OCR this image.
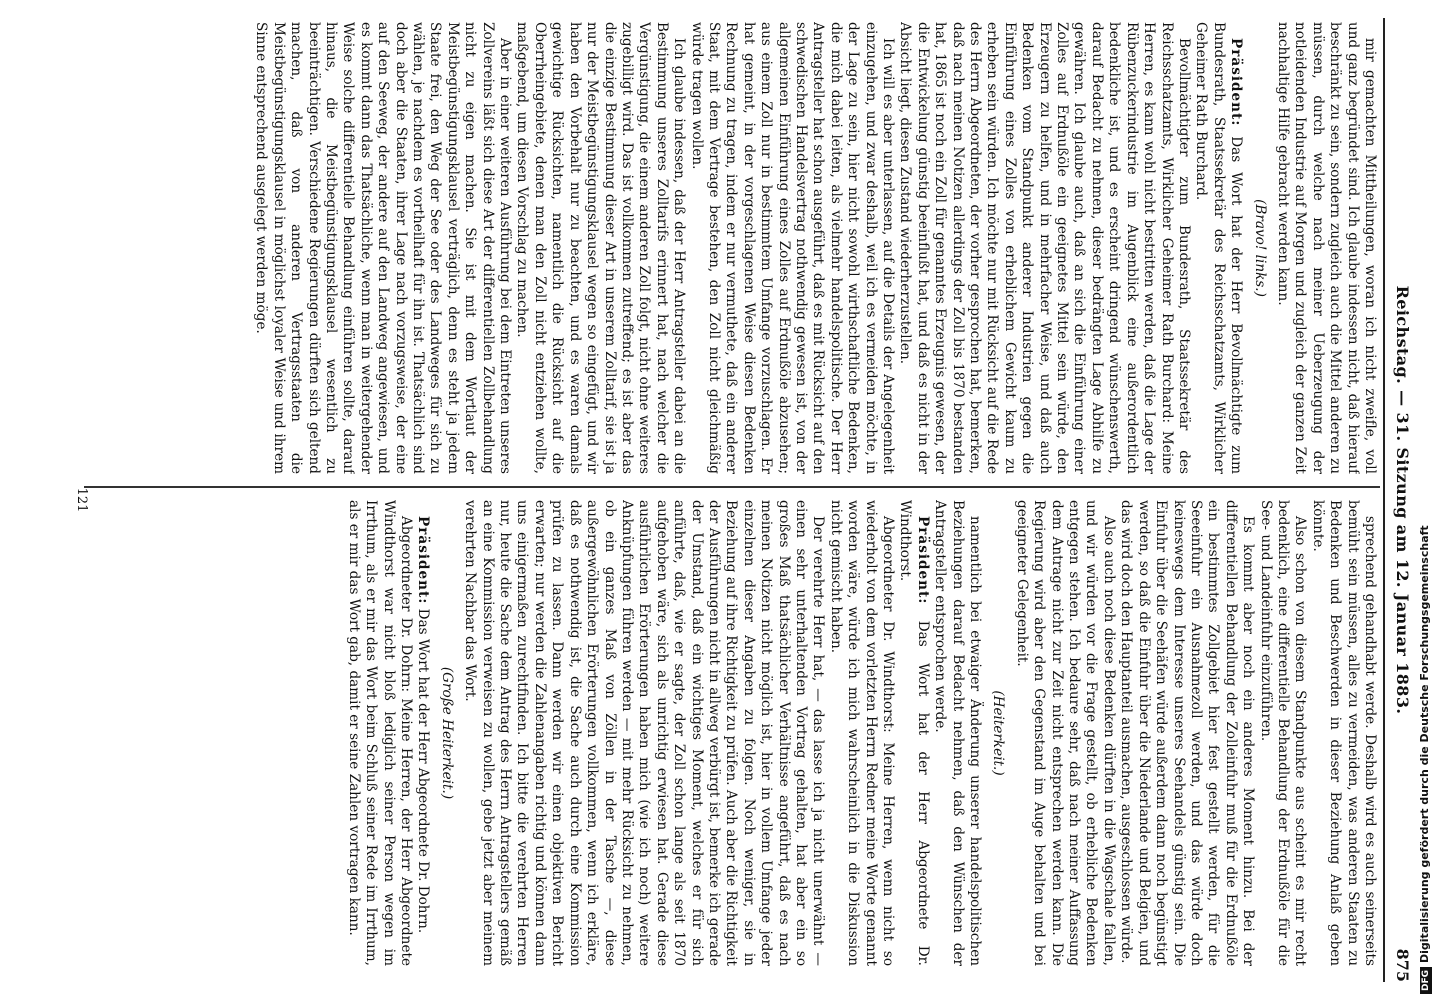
Reichstag. — 31. Sitzung am 12. Januar 1883.
875

mir gemachten Mittheilungen, woran ich nicht zweifle, voll und ganz begründet sind. Ich glaube indessen nicht, daß hierauf beschränkt zu sein, sondern zugleich auch die Mittel anderen zu müssen, durch welche nach meiner Ueberzeugung der notleidenden Industrie auf Morgen und zugleich der ganzen Zeit nachhaltige Hilfe gebracht werden kann.

(Bravo! links.)

Präsident: Das Wort hat der Herr Bevollmächtigte zum Bundesrath, Staatssekretär des Reichsschatzamts, Wirklicher Geheimer Rath Burchard.

Bevollmächtigter zum Bundesrath, Staatssekretär des Reichsschatzamts, Wirklicher Geheimer Rath Burchard: Meine Herren, es kann wohl nicht bestritten werden, daß die Lage der Rübenzuckerindustrie im Augenblick eine außerordentlich bedenkliche ist, und es erscheint dringend wünschenswerth, darauf Bedacht zu nehmen, dieser bedrängten Lage Abhilfe zu gewähren. Ich glaube auch, daß an sich die Einführung einer Zolles auf Erdnußöle ein geeignetes Mittel sein würde, den Erzeugern zu helfen, und in mehrfacher Weise, und daß auch Bedenken vom Standpunkt anderer Industrien gegen die Einführung eines Zolles von erheblichem Gewicht kaum zu erheben sein würden. Ich möchte nur mit Rücksicht auf die Rede des Herrn Abgeordneten, der vorher gesprochen hat, bemerken, daß nach meinen Notizen allerdings der Zoll bis 1870 bestanden hat, 1865 ist noch ein Zoll für genanntes Erzeugnis gewesen, der die Entwickelung günstig beeinflußt hat, und daß es nicht in der Absicht liegt, diesen Zustand wiederherzustellen.

Ich will es aber unterlassen, auf die Details der Angelegenheit einzugehen, und zwar deshalb, weil ich es vermeiden möchte, in der Lage zu sein, hier nicht sowohl wirthschaftliche Bedenken, die mich dabei leiten, als vielmehr handelspolitische. Der Herr Antragsteller hat schon ausgeführt, daß es mit Rücksicht auf den schwedischen Handelsvertrag nothwendig gewesen ist, von der allgemeinen Einführung eines Zolles auf Erdnußöle abzusehen; aus einem Zoll nur in bestimmtem Umfange vorzuschlagen. Er hat gemeint, in der vorgeschlagenen Weise diesen Bedenken Rechnung zu tragen, indem er nur vermuthete, daß ein anderer Staat, mit dem Vertrage bestehen, den Zoll nicht gleichmäßig würde tragen wollen.

Ich glaube indessen, daß der Herr Antragsteller dabei an die Bestimmung unseres Zolltarifs erinnert hat, nach welcher die Vergünstigung, die einem anderen Zoll folgt, nicht ohne weiteres zugebilligt wird. Das ist vollkommen zutreffend; es ist aber das die einzige Bestimmung dieser Art in unserem Zolltarif, sie ist ja nur der Meistbegünstigungsklausel wegen so eingefügt, und wir haben den Vorbehalt nur zu beachten, und es waren damals gewichtige Rücksichten, namentlich die Rücksicht auf die Oberrheingebiete, denen man den Zoll nicht entziehen wollte, maßgebend, um diesen Vorschlag zu machen.

Aber in einer weiteren Ausführung bei dem Eintreten unseres Zollvereins läßt sich diese Art der differentiellen Zollbehandlung nicht zu eigen machen. Sie ist mit dem Wortlaut der Meistbegünstigungsklausel verträglich, denn es steht ja jedem Staate frei, den Weg der See oder des Landweges für sich zu wählen, je nachdem es vortheilhaft für ihn ist. Thatsächlich sind doch aber die Staaten, ihrer Lage nach vorzugsweise, der eine auf den Seeweg, der andere auf den Landweg angewiesen, und es kommt dann das Thatsächliche, wenn man in weitergehender Weise solche differentielle Behandlung einführen sollte, darauf hinaus, die Meistbegünstigungsklausel wesentlich zu beeinträchtigen. Verschiedene Regierungen dürften sich geltend machen, daß von anderen Vertragsstaaten die Meistbegünstigungsklausel in möglichst loyaler Weise und ihrem Sinne entsprechend ausgelegt werden möge.

sprechend gehandhabt werde. Deshalb wird es auch seinerseits bemüht sein müssen, alles zu vermeiden, was anderen Staaten zu Bedenken und Beschwerden in dieser Beziehung Anlaß geben könnte.

Also schon von diesem Standpunkte aus scheint es mir recht bedenklich, eine differentielle Behandlung der Erdnußöle für die See- und Landeinfuhr einzuführen.

Es kommt aber noch ein anderes Moment hinzu. Bei der differentiellen Behandlung der Zolleinfuhr muß für die Erdnußöle ein bestimmtes Zollgebiet hier fest gestellt werden, für die Seeeinfuhr ein Ausnahmezoll werden, und das würde doch keineswegs dem Interesse unseres Seehandels günstig sein. Die Einfuhr über die Seehäfen würde außerdem dann noch begünstigt werden, so daß die Einfuhr über die Niederlande und Belgien, und das wird doch den Hauptanteil ausmachen, ausgeschlossen würde.

Also auch noch diese Bedenken dürften in die Wagschale fallen, und wir würden vor die Frage gestellt, ob erhebliche Bedenken entgegen stehen. Ich bedaure sehr, daß nach meiner Auffassung dem Antrage nicht zur Zeit nicht entsprechen werden kann. Die Regierung wird aber den Gegenstand im Auge behalten und bei geeigneter Gelegenheit.

(Heiterkeit.)

namentlich bei etwaiger Änderung unserer handelspolitischen Beziehungen darauf Bedacht nehmen, daß den Wünschen der Antragsteller entsprochen werde.

Präsident: Das Wort hat der Herr Abgeordnete Dr. Windthorst.

Abgeordneter Dr. Windthorst: Meine Herren, wenn nicht so wiederholt von dem vorletzten Herrn Redner meine Worte genannt worden wäre, würde ich mich wahrscheinlich in die Diskussion nicht gemischt haben.

Der verehrte Herr hat, — das lasse ich ja nicht unerwähnt — einen sehr unterhaltenden Vortrag gehalten, hat aber ein so großes Maß thatsächlicher Verhältnisse angeführt, daß es nach meinen Notizen nicht möglich ist, hier in vollem Umfange jeder einzelnen dieser Angaben zu folgen. Noch weniger, sie in Beziehung auf ihre Richtigkeit zu prüfen. Auch aber die Richtigkeit der Ausführungen nicht in allweg verbürgt ist, bemerke ich gerade der Umstand, daß ein wichtiges Moment, welches er für sich anführte, daß, wie er sagte, der Zoll schon lange als seit 1870 aufgehoben wäre, sich als unrichtig erwiesen hat. Gerade diese ausführlichen Erörterungen haben mich (wie ich noch) weitere Anknüpfungen führen werden — mit mehr Rücksicht zu nehmen, ob ein ganzes Maß von Zöllen in der Tasche —, diese außergewöhnlichen Erörterungen vollkommen, wenn ich erkläre, daß es nothwendig ist, die Sache auch durch eine Kommission prüfen zu lassen. Dann werden wir einen objektiven Bericht erwarten; nur werden die Zahlenangaben richtig und können dann uns einigermaßen zurechtfinden. Ich bitte die verehrten Herren nur, heute die Sache dem Antrag des Herrn Antragstellers gemäß an eine Kommission verweisen zu wollen, gebe jetzt aber meinem verehrten Nachbar das Wort.

(Große Heiterkeit.)

Präsident: Das Wort hat der Herr Abgeordnete Dr. Dohrn.

Abgeordneter Dr. Dohrn: Meine Herren, der Herr Abgeordnete Windthorst war nicht bloß lediglich seiner Person wegen im Irrthum, als er mir das Wort beim Schluß seiner Rede im Irrthum, als er mir das Wort gab, damit er seine Zahlen vortragen kann.

121
DFGDigitalisierung gefördert durch die Deutsche Forschungsgemeinschaft
